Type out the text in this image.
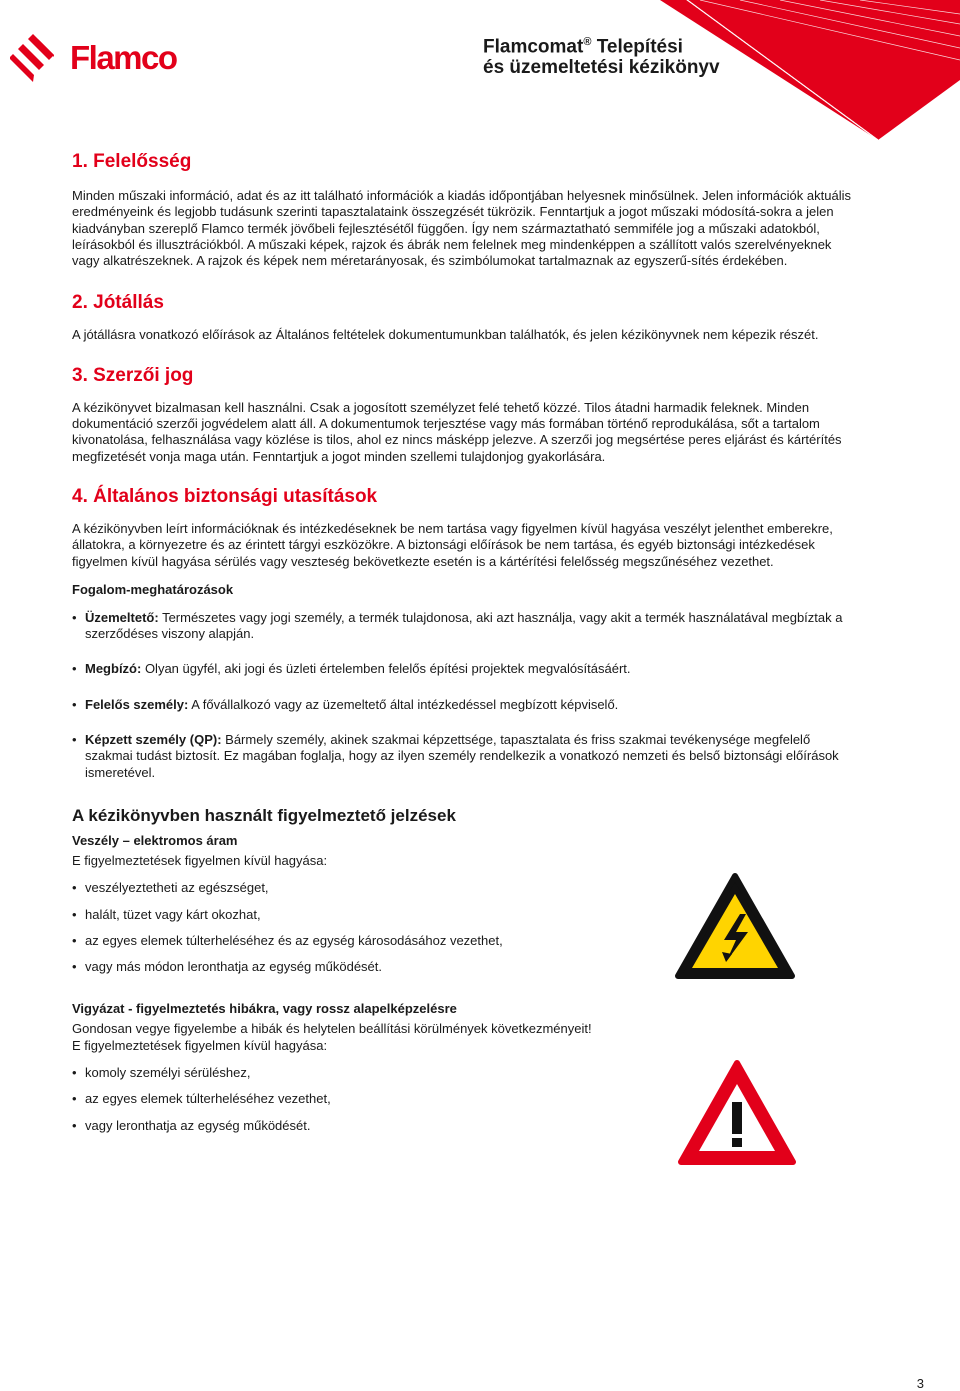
Flamco	Flamcomat® Telepítési
és üzemeltetési kézikönyv
1. Felelősség

Minden műszaki információ, adat és az itt található információk a kiadás időpontjában helyesnek minősülnek. Jelen információk aktuális eredményeink és legjobb tudásunk szerinti tapasztalataink összegzését tükrözik. Fenntartjuk a jogot műszaki módosítá-sokra a jelen kiadványban szereplő Flamco termék jövőbeli fejlesztésétől függően. Így nem származtatható semmiféle jog a műszaki adatokból, leírásokból és illusztrációkból. A műszaki képek, rajzok és ábrák nem felelnek meg mindenképpen a szállított valós szerelvényeknek vagy alkatrészeknek. A rajzok és képek nem méretarányosak, és szimbólumokat tartalmaznak az egyszerű-sítés érdekében.

2. Jótállás

A jótállásra vonatkozó előírások az Általános feltételek dokumentumunkban találhatók, és jelen kézikönyvnek nem képezik részét.

3. Szerzői jog

A kézikönyvet bizalmasan kell használni. Csak a jogosított személyzet felé tehető közzé. Tilos átadni harmadik feleknek. Minden dokumentáció szerzői jogvédelem alatt áll. A dokumentumok terjesztése vagy más formában történő reprodukálása, sőt a tartalom kivonatolása, felhasználása vagy közlése is tilos, ahol ez nincs másképp jelezve. A szerzői jog megsértése peres eljárást és kártérítés megfizetését vonja maga után. Fenntartjuk a jogot minden szellemi tulajdonjog gyakorlására.

4. Általános biztonsági utasítások

A kézikönyvben leírt információknak és intézkedéseknek be nem tartása vagy figyelmen kívül hagyása veszélyt jelenthet emberekre, állatokra, a környezetre és az érintett tárgyi eszközökre. A biztonsági előírások be nem tartása, és egyéb biztonsági intézkedések figyelmen kívül hagyása sérülés vagy veszteség bekövetkezte esetén is a kártérítési felelősség megszűnéséhez vezethet.

Fogalom-meghatározások
• Üzemeltető: Természetes vagy jogi személy, a termék tulajdonosa, aki azt használja, vagy akit a termék használatával megbíztak a szerződéses viszony alapján.
• Megbízó: Olyan ügyfél, aki jogi és üzleti értelemben felelős építési projektek megvalósításáért.
• Felelős személy: A fővállalkozó vagy az üzemeltető által intézkedéssel megbízott képviselő.
• Képzett személy (QP): Bármely személy, akinek szakmai képzettsége, tapasztalata és friss szakmai tevékenysége megfelelő szakmai tudást biztosít. Ez magában foglalja, hogy az ilyen személy rendelkezik a vonatkozó nemzeti és belső biztonsági előírások ismeretével.
A kézikönyvben használt figyelmeztető jelzések
Veszély – elektromos áram

E figyelmeztetések figyelmen kívül hagyása:

• veszélyeztetheti az egészséget,
• halált, tüzet vagy kárt okozhat,
• az egyes elemek túlterheléséhez és az egység károsodásához vezethet,
• vagy más módon leronthatja az egység működését.
Vigyázat - figyelmeztetés hibákra, vagy rossz alapelképzelésre

Gondosan vegye figyelembe a hibák és helytelen beállítási körülmények következményeit!

E figyelmeztetések figyelmen kívül hagyása:

• komoly személyi sérüléshez,
• az egyes elemek túlterheléséhez vezethet,
• vagy leronthatja az egység működését.
3
